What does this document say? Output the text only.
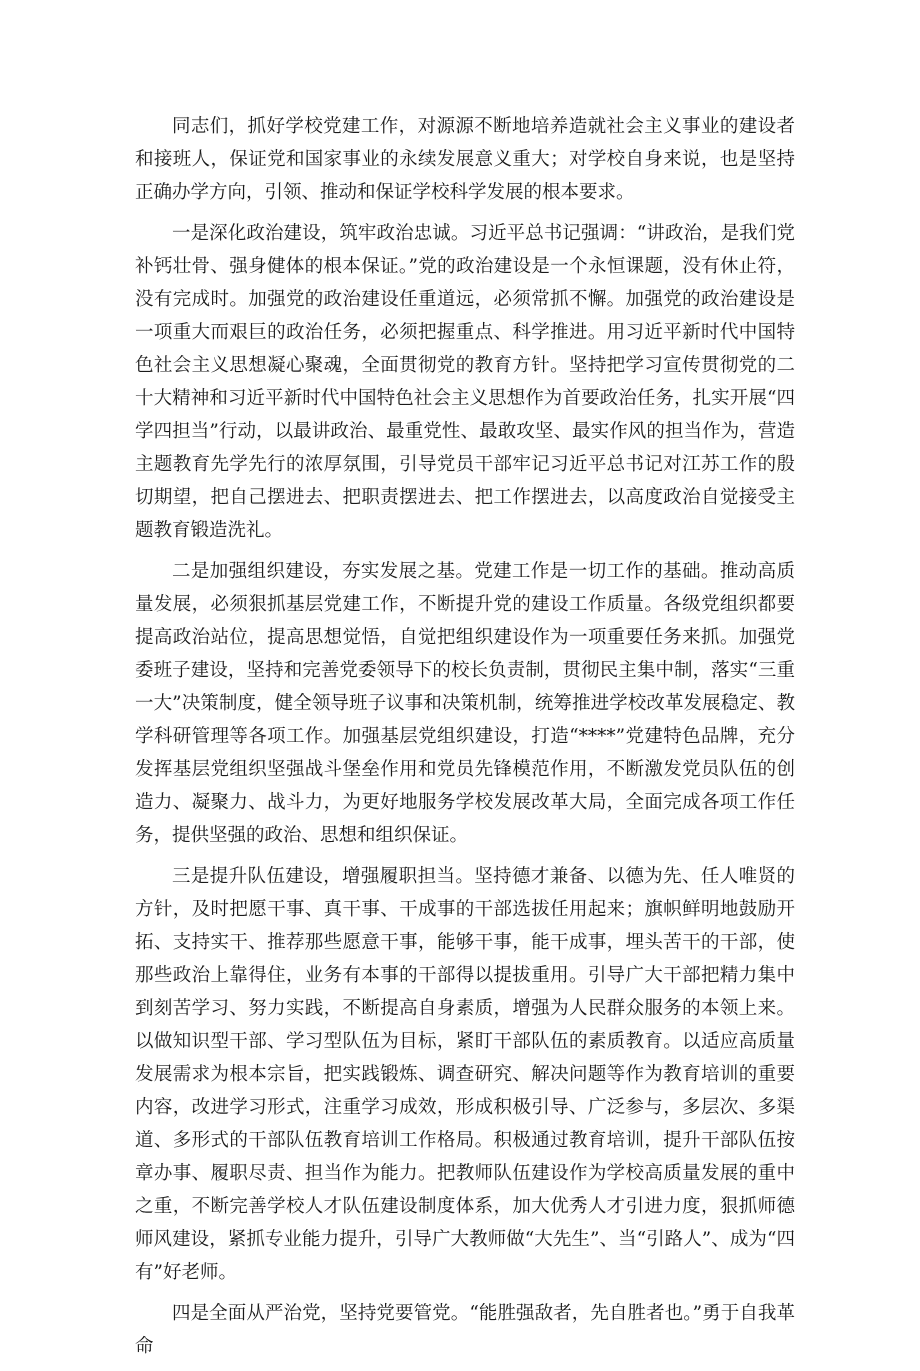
同志们，抓好学校党建工作，对源源不断地培养造就社会主义事业的建设者和接班人，保证党和国家事业的永续发展意义重大；对学校自身来说，也是坚持正确办学方向，引领、推动和保证学校科学发展的根本要求。

一是深化政治建设，筑牢政治忠诚。习近平总书记强调：“讲政治，是我们党补钙壮骨、强身健体的根本保证。”党的政治建设是一个永恒课题，没有休止符，没有完成时。加强党的政治建设任重道远，必须常抓不懈。加强党的政治建设是一项重大而艰巨的政治任务，必须把握重点、科学推进。用习近平新时代中国特色社会主义思想凝心聚魂，全面贯彻党的教育方针。坚持把学习宣传贯彻党的二十大精神和习近平新时代中国特色社会主义思想作为首要政治任务，扎实开展“四学四担当”行动，以最讲政治、最重党性、最敢攻坚、最实作风的担当作为，营造主题教育先学先行的浓厚氛围，引导党员干部牢记习近平总书记对江苏工作的殷切期望，把自己摆进去、把职责摆进去、把工作摆进去，以高度政治自觉接受主题教育锻造洗礼。

二是加强组织建设，夯实发展之基。党建工作是一切工作的基础。推动高质量发展，必须狠抓基层党建工作，不断提升党的建设工作质量。各级党组织都要提高政治站位，提高思想觉悟，自觉把组织建设作为一项重要任务来抓。加强党委班子建设，坚持和完善党委领导下的校长负责制，贯彻民主集中制，落实“三重一大”决策制度，健全领导班子议事和决策机制，统筹推进学校改革发展稳定、教学科研管理等各项工作。加强基层党组织建设，打造“****”党建特色品牌，充分发挥基层党组织坚强战斗堡垒作用和党员先锋模范作用，不断激发党员队伍的创造力、凝聚力、战斗力，为更好地服务学校发展改革大局，全面完成各项工作任务，提供坚强的政治、思想和组织保证。

三是提升队伍建设，增强履职担当。坚持德才兼备、以德为先、任人唯贤的方针，及时把愿干事、真干事、干成事的干部选拔任用起来；旗帜鲜明地鼓励开拓、支持实干、推荐那些愿意干事，能够干事，能干成事，埋头苦干的干部，使那些政治上靠得住，业务有本事的干部得以提拔重用。引导广大干部把精力集中到刻苦学习、努力实践，不断提高自身素质，增强为人民群众服务的本领上来。以做知识型干部、学习型队伍为目标，紧盯干部队伍的素质教育。以适应高质量发展需求为根本宗旨，把实践锻炼、调查研究、解决问题等作为教育培训的重要内容，改进学习形式，注重学习成效，形成积极引导、广泛参与，多层次、多渠道、多形式的干部队伍教育培训工作格局。积极通过教育培训，提升干部队伍按章办事、履职尽责、担当作为能力。把教师队伍建设作为学校高质量发展的重中之重，不断完善学校人才队伍建设制度体系，加大优秀人才引进力度，狠抓师德师风建设，紧抓专业能力提升，引导广大教师做“大先生”、当“引路人”、成为“四有”好老师。

四是全面从严治党，坚持党要管党。“能胜强敌者，先自胜者也。”勇于自我革命
